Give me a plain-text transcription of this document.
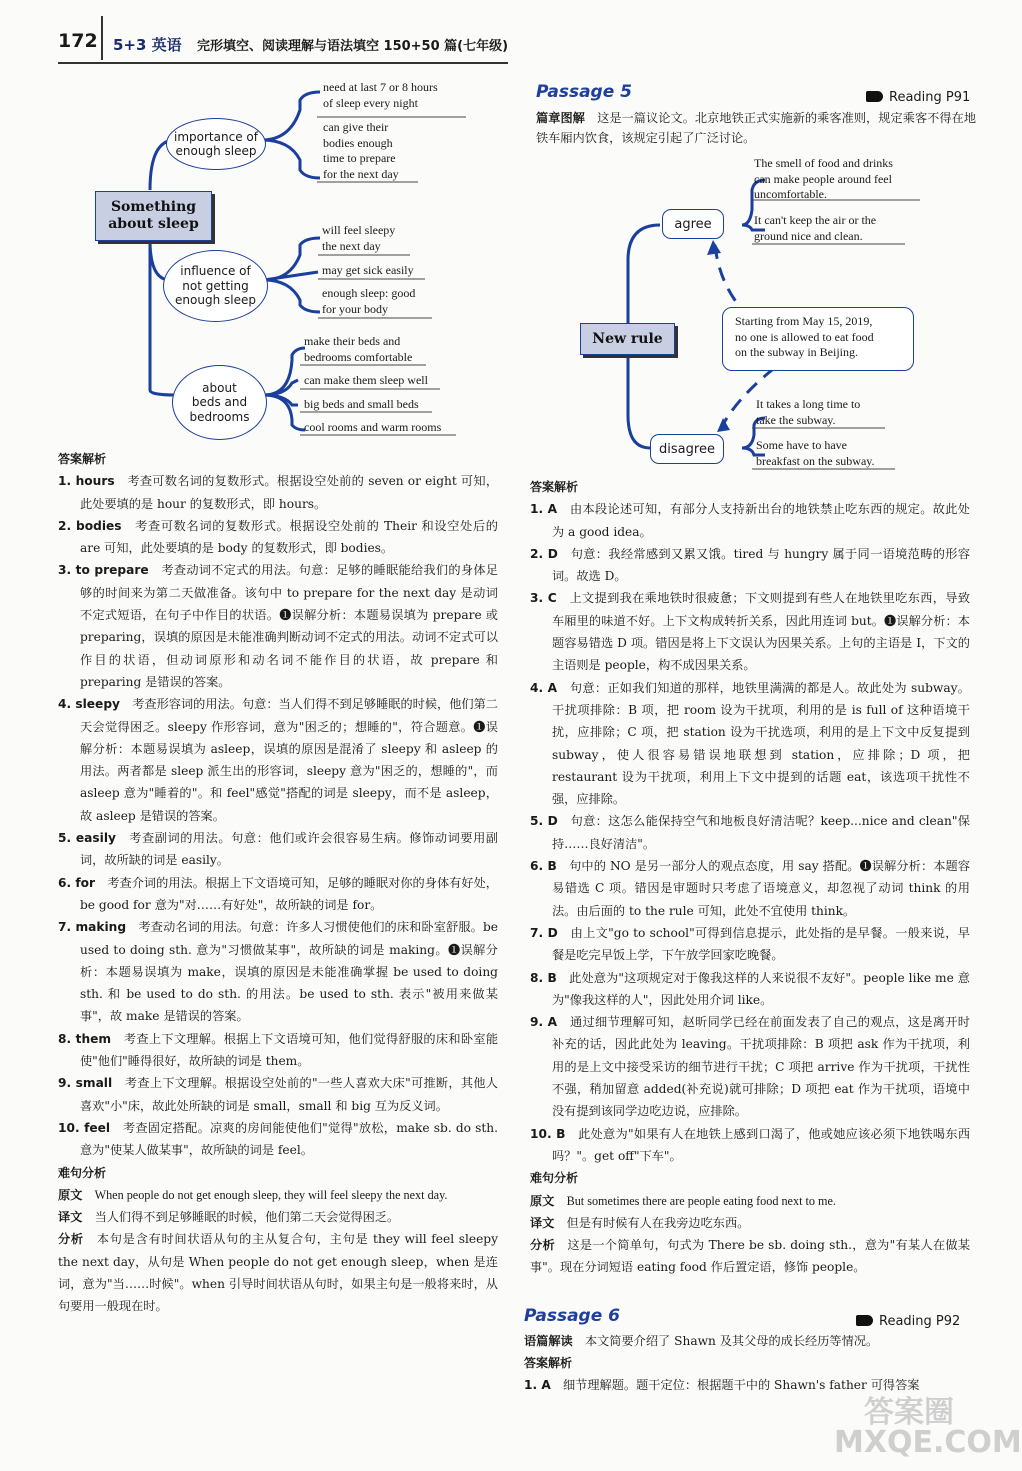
172 5+3 英语 完形填空、阅读理解与语法填空 150+50 篇(七年级)
Something
about sleep
importance of
enough sleep
influence of
not getting
enough sleep
about
beds and
bedrooms
need at last 7 or 8 hours
of sleep every night
can give their
bodies enough
time to prepare
for the next day
will feel sleepy
the next day
may get sick easily
enough sleep: good
for your body
make their beds and
bedrooms comfortable
can make them sleep well
big beds and small beds
cool rooms and warm rooms

答案解析

1. hours　 考查可数名词的复数形式。根据设空处前的 seven or eight 可知，此处要填的是 hour 的复数形式，即 hours。

2. bodies　 考查可数名词的复数形式。根据设空处前的 Their 和设空处后的 are 可知，此处要填的是 body 的复数形式，即 bodies。

3. to prepare　 考查动词不定式的用法。句意：足够的睡眠能给我们的身体足够的时间来为第二天做准备。该句中 to prepare for the next day 是动词不定式短语，在句子中作目的状语。❶误解分析：本题易误填为 prepare 或 preparing，误填的原因是未能准确判断动词不定式的用法。动词不定式可以作目的状语，但动词原形和动名词不能作目的状语，故 prepare 和 preparing 是错误的答案。

4. sleepy　 考查形容词的用法。句意：当人们得不到足够睡眠的时候，他们第二天会觉得困乏。sleepy 作形容词，意为"困乏的；想睡的"，符合题意。❶误解分析：本题易误填为 asleep，误填的原因是混淆了 sleepy 和 asleep 的用法。两者都是 sleep 派生出的形容词，sleepy 意为"困乏的，想睡的"，而 asleep 意为"睡着的"。和 feel"感觉"搭配的词是 sleepy，而不是 asleep，故 asleep 是错误的答案。

5. easily　 考查副词的用法。句意：他们或许会很容易生病。修饰动词要用副词，故所缺的词是 easily。

6. for　 考查介词的用法。根据上下文语境可知，足够的睡眠对你的身体有好处，be good for 意为"对……有好处"，故所缺的词是 for。

7. making　 考查动名词的用法。句意：许多人习惯使他们的床和卧室舒服。be used to doing sth. 意为"习惯做某事"，故所缺的词是 making。❶误解分析：本题易误填为 make，误填的原因是未能准确掌握 be used to doing sth. 和 be used to do sth. 的用法。be used to sth. 表示"被用来做某事"，故 make 是错误的答案。

8. them　 考查上下文理解。根据上下文语境可知，他们觉得舒服的床和卧室能使"他们"睡得很好，故所缺的词是 them。

9. small　 考查上下文理解。根据设空处前的"一些人喜欢大床"可推断，其他人喜欢"小"床，故此处所缺的词是 small，small 和 big 互为反义词。

10. feel　 考查固定搭配。凉爽的房间能使他们"觉得"放松，make sb. do sth. 意为"使某人做某事"，故所缺的词是 feel。

难句分析

原文　 When people do not get enough sleep, they will feel sleepy the next day.

译文　 当人们得不到足够睡眠的时候，他们第二天会觉得困乏。

分析　 本句是含有时间状语从句的主从复合句，主句是 they will feel sleepy the next day，从句是 When people do not get enough sleep，when 是连词，意为"当……时候"。when 引导时间状语从句时，如果主句是一般将来时，从句要用一般现在时。

Passage 5	Reading P91

篇章图解　 这是一篇议论文。北京地铁正式实施新的乘客准则，规定乘客不得在地铁车厢内饮食，该规定引起了广泛讨论。

agree
disagree
New rule
Starting from May 15, 2019,
no one is allowed to eat food
on the subway in Beijing.
The smell of food and drinks
can make people around feel
uncomfortable.
It can't keep the air or the
ground nice and clean.
It takes a long time to
take the subway.
Some have to have
breakfast on the subway.

答案解析

1. A　 由本段论述可知，有部分人支持新出台的地铁禁止吃东西的规定。故此处为 a good idea。

2. D　 句意：我经常感到又累又饿。tired 与 hungry 属于同一语境范畴的形容词。故选 D。

3. C　 上文提到我在乘地铁时很疲惫；下文则提到有些人在地铁里吃东西，导致车厢里的味道不好。上下文构成转折关系，因此用连词 but。❶误解分析：本题容易错选 D 项。错因是将上下文误认为因果关系。上句的主语是 I，下文的主语则是 people，构不成因果关系。

4. A　 句意：正如我们知道的那样，地铁里满满的都是人。故此处为 subway。干扰项排除：B 项，把 room 设为干扰项，利用的是 is full of 这种语境干扰，应排除；C 项，把 station 设为干扰选项，利用的是上下文中反复提到 subway，使人很容易错误地联想到 station，应排除；D 项，把 restaurant 设为干扰项，利用上下文中提到的话题 eat，该选项干扰性不强，应排除。

5. D　 句意：这怎么能保持空气和地板良好清洁呢？keep...nice and clean"保持……良好清洁"。

6. B　 句中的 NO 是另一部分人的观点态度，用 say 搭配。❶误解分析：本题容易错选 C 项。错因是审题时只考虑了语境意义，却忽视了动词 think 的用法。由后面的 to the rule 可知，此处不宜使用 think。

7. D　 由上文"go to school"可得到信息提示，此处指的是早餐。一般来说，早餐是吃完早饭上学，下午放学回家吃晚餐。

8. B　 此处意为"这项规定对于像我这样的人来说很不友好"。people like me 意为"像我这样的人"，因此处用介词 like。

9. A　 通过细节理解可知，赵昕同学已经在前面发表了自己的观点，这是离开时补充的话，因此此处为 leaving。干扰项排除：B 项把 ask 作为干扰项，利用的是上文中接受采访的细节进行干扰；C 项把 arrive 作为干扰项，干扰性不强，稍加留意 added(补充说)就可排除；D 项把 eat 作为干扰项，语境中没有提到该同学边吃边说，应排除。

10. B　 此处意为"如果有人在地铁上感到口渴了，他或她应该必须下地铁喝东西吗？"。get off"下车"。

难句分析

原文　 But sometimes there are people eating food next to me.

译文　 但是有时候有人在我旁边吃东西。

分析　 这是一个简单句，句式为 There be sb. doing sth.，意为"有某人在做某事"。现在分词短语 eating food 作后置定语，修饰 people。

Passage 6	Reading P92

语篇解读　 本文简要介绍了 Shawn 及其父母的成长经历等情况。

答案解析

1. A　 细节理解题。题干定位：根据题干中的 Shawn's father 可得答案

答案圈
MXQE.COM
